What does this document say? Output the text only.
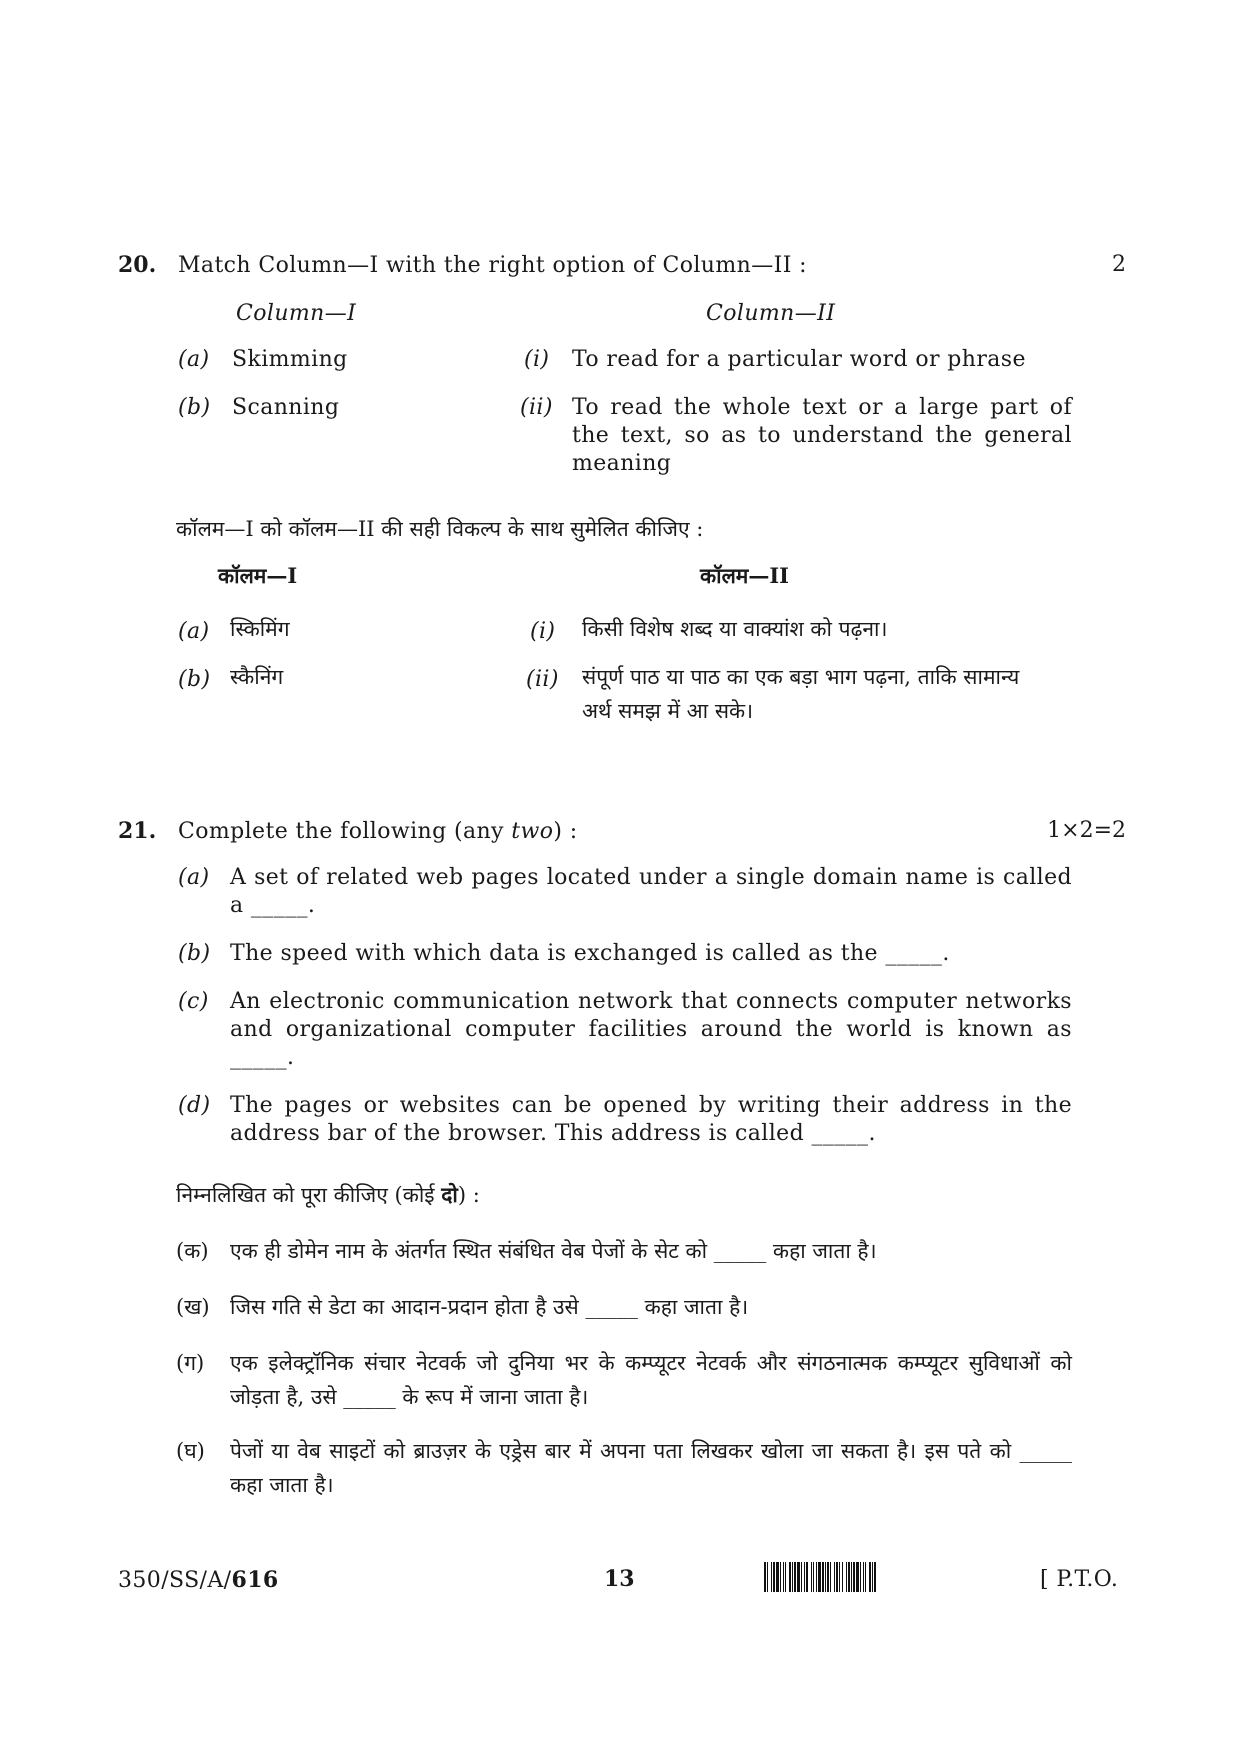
20. Match Column—I with the right option of Column—II :	2
Column—I	Column—II
(a) Skimming	(i) To read for a particular word or phrase
(b) Scanning	(ii) To read the whole text or a large part of the text, so as to understand the general meaning
कॉलम—I को कॉलम—II की सही विकल्प के साथ सुमेलित कीजिए :
कॉलम—I	कॉलम—II
(a) स्किमिंग	(i) किसी विशेष शब्द या वाक्यांश को पढ़ना।
(b) स्कैनिंग	(ii) संपूर्ण पाठ या पाठ का एक बड़ा भाग पढ़ना, ताकि सामान्य अर्थ समझ में आ सके।
21. Complete the following (any two) :	1×2=2
(a) A set of related web pages located under a single domain name is called a _____.
(b) The speed with which data is exchanged is called as the _____.
(c) An electronic communication network that connects computer networks and organizational computer facilities around the world is known as _____.
(d) The pages or websites can be opened by writing their address in the address bar of the browser. This address is called _____.
निम्नलिखित को पूरा कीजिए (कोई दो) :
(क) एक ही डोमेन नाम के अंतर्गत स्थित संबंधित वेब पेजों के सेट को _____ कहा जाता है।
(ख) जिस गति से डेटा का आदान-प्रदान होता है उसे _____ कहा जाता है।
(ग) एक इलेक्ट्रॉनिक संचार नेटवर्क जो दुनिया भर के कम्प्यूटर नेटवर्क और संगठनात्मक कम्प्यूटर सुविधाओं को जोड़ता है, उसे _____ के रूप में जाना जाता है।
(घ) पेजों या वेब साइटों को ब्राउज़र के एड्रेस बार में अपना पता लिखकर खोला जा सकता है। इस पते को _____ कहा जाता है।
350/SS/A/616	13	[ P.T.O.
